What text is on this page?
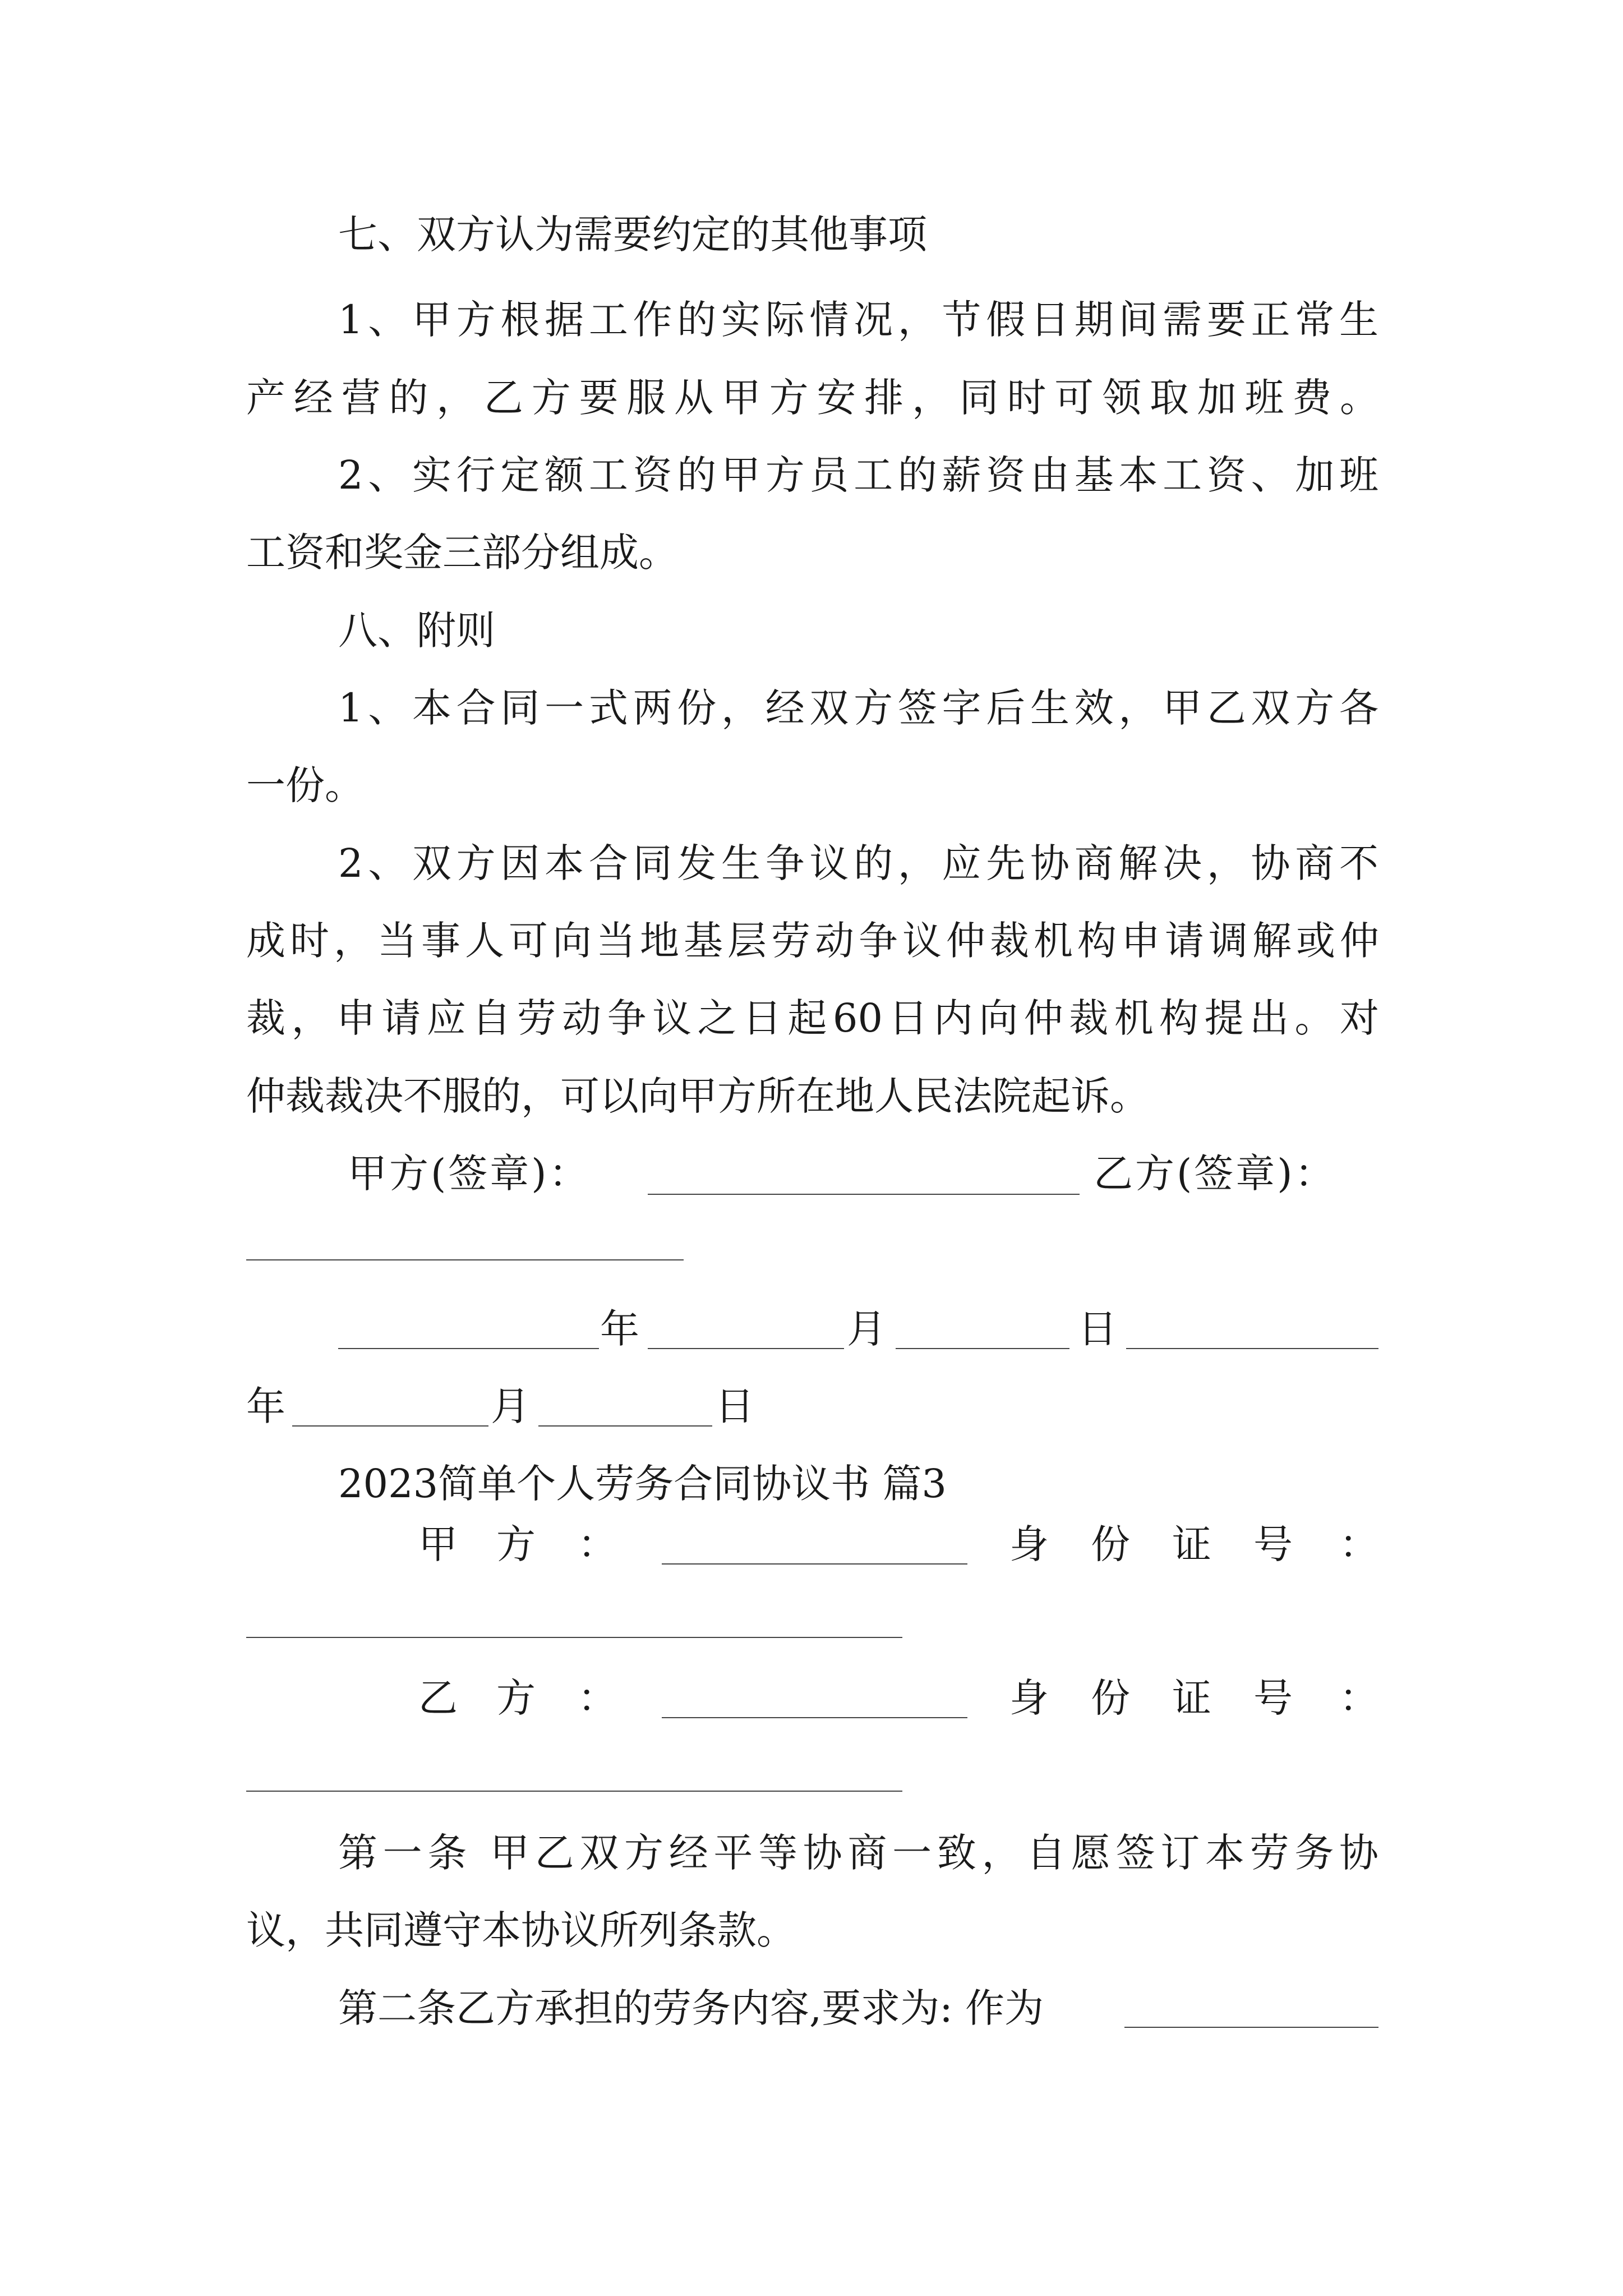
七、双方认为需要约定的其他事项
1、甲方根据工作的实际情况，节假日期间需要正常生
产经营的，乙方要服从甲方安排，同时可领取加班费。
2、实行定额工资的甲方员工的薪资由基本工资、加班
工资和奖金三部分组成。
八、附则
1、本合同一式两份，经双方签字后生效，甲乙双方各
一份。
2、双方因本合同发生争议的，应先协商解决，协商不
成时，当事人可向当地基层劳动争议仲裁机构申请调解或仲
裁，申请应自劳动争议之日起60日内向仲裁机构提出。对
仲裁裁决不服的，可以向甲方所在地人民法院起诉。
甲方(签章)：	乙方(签章)：
年	月	日
年	月	日
2023简单个人劳务合同协议书 篇3
甲 方 ：	身 份 证 号 ：
乙 方 ：	身 份 证 号 ：
第一条 甲乙双方经平等协商一致，自愿签订本劳务协
议，共同遵守本协议所列条款。
第二条乙方承担的劳务内容,要求为: 作为
